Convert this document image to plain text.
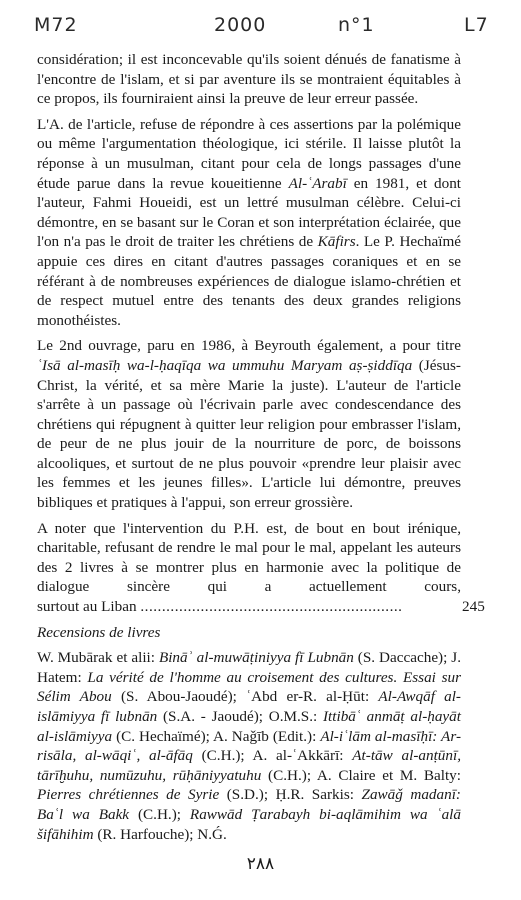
M72	2000	n°1	L7

considération; il est inconcevable qu'ils soient dénués de fanatisme à l'encontre de l'islam, et si par aventure ils se montraient équitables à ce propos, ils fourniraient ainsi la preuve de leur erreur passée.

L'A. de l'article, refuse de répondre à ces assertions par la polémique ou même l'argumentation théologique, ici stérile. Il laisse plutôt la réponse à un musulman, citant pour cela de longs passages d'une étude parue dans la revue koueitienne Al-ʿArabī en 1981, et dont l'auteur, Fahmi Houeidi, est un lettré musulman célèbre. Celui-ci démontre, en se basant sur le Coran et son interprétation éclairée, que l'on n'a pas le droit de traiter les chrétiens de Kāfirs. Le P. Hechaïmé appuie ces dires en citant d'autres passages coraniques et en se référant à de nombreuses expériences de dialogue islamo-chrétien et de respect mutuel entre des tenants des deux grandes religions monothéistes.

Le 2nd ouvrage, paru en 1986, à Beyrouth également, a pour titre ʿIsā al-masīḥ wa-l-ḥaqīqa wa ummuhu Maryam aṣ-ṣiddīqa (Jésus-Christ, la vérité, et sa mère Marie la juste). L'auteur de l'article s'arrête à un passage où l'écrivain parle avec condescendance des chrétiens qui répugnent à quitter leur religion pour embrasser l'islam, de peur de ne plus jouir de la nourriture de porc, de boissons alcooliques, et surtout de ne plus pouvoir «prendre leur plaisir avec les femmes et les jeunes filles». L'article lui démontre, preuves bibliques et pratiques à l'appui, son erreur grossière.

A noter que l'intervention du P.H. est, de bout en bout irénique, charitable, refusant de rendre le mal pour le mal, appelant les auteurs des 2 livres à se montrer plus en harmonie avec la politique de dialogue sincère qui a actuellement cours, surtout au Liban .............................................................

Recensions de livres

W. Mubārak et alii: Bināʾ al-muwāṭiniyya fī Lubnān (S. Daccache); J. Hatem: La vérité de l'homme au croisement des cultures. Essai sur Sélim Abou (S. Abou-Jaoudé); ʿAbd er-R. al-Ḥūt: Al-Awqāf al-islāmiyya fī lubnān (S.A. - Jaoudé); O.M.S.: Ittibāʿ anmāṭ al-ḥayāt al-islāmiyya (C. Hechaïmé); A. Naǧīb (Edit.): Al-iʿlām al-masīḥī: Ar-risāla, al-wāqiʿ, al-āfāq (C.H.); A. al-ʿAkkārī: At-tāw al-anṭūnī, tārīḫuhu, numūzuhu, rūḥāniyyatuhu (C.H.); A. Claire et M. Balty: Pierres chrétiennes de Syrie (S.D.); Ḥ.R. Sarkis: Zawāǧ madanī: Baʿl wa Bakk (C.H.); Rawwād Ṭarabayh bi-aqlāmihim wa ʿalā šifāhihim (R. Harfouche); N.Ǵ.

245
٢٨٨
